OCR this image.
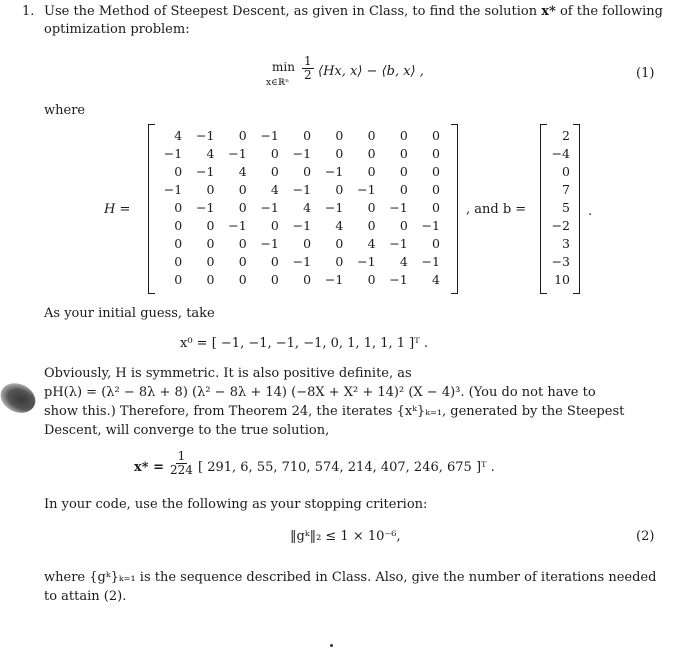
1. Use the Method of Steepest Descent, as given in Class, to find the solution x* of the following
optimization problem:
min
x∈ℝⁿ
$\frac{1}{2}$ ⟨Hx, x⟩ − ⟨b, x⟩ ,	(1)
where
H =
4	−1	0	−1	0	0	0	0	0
−1	4	−1	0	−1	0	0	0	0
0	−1	4	0	0	−1	0	0	0
−1	0	0	4	−1	0	−1	0	0
0	−1	0	−1	4	−1	0	−1	0
0	0	−1	0	−1	4	0	0	−1
0	0	0	−1	0	0	4	−1	0
0	0	0	0	−1	0	−1	4	−1
0	0	0	0	0	−1	0	−1	4
, and b =
2
−4
0
7
5
−2
3
−3
10
.
As your initial guess, take
x⁰ = [ −1, −1, −1, −1, 0, 1, 1, 1, 1 ]ᵀ .
Obviously, H is symmetric. It is also positive definite, as
pH(λ) = (λ² − 8λ + 8) (λ² − 8λ + 14) (−8X + X² + 14)² (X − 4)³. (You do not have to
show this.) Therefore, from Theorem 24, the iterates {xᵏ}ₖ₌₁, generated by the Steepest
Descent, will converge to the true solution,
$x* = \frac{1}{224}$ [ 291, 6, 55, 710, 574, 214, 407, 246, 675 ]ᵀ .
In your code, use the following as your stopping criterion:
‖gᵏ‖₂ ≤ 1 × 10⁻⁶,	(2)
where {gᵏ}ₖ₌₁ is the sequence described in Class. Also, give the number of iterations needed
to attain (2).
